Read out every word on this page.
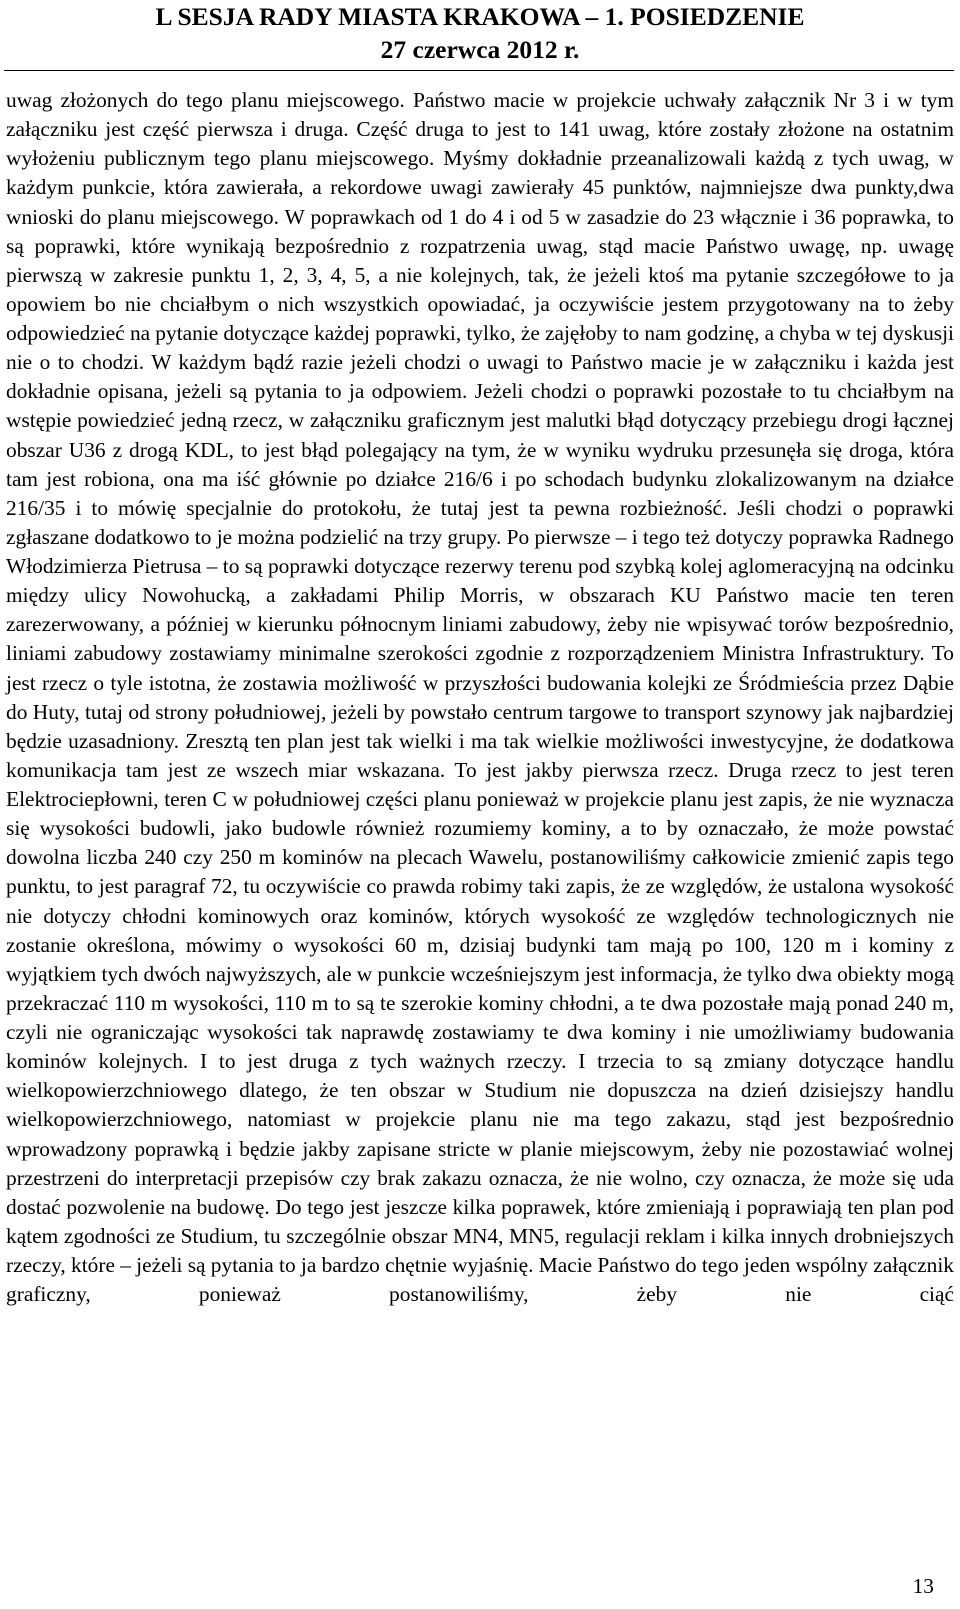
L SESJA RADY MIASTA KRAKOWA – 1. POSIEDZENIE
27 czerwca 2012 r.

uwag złożonych do tego planu miejscowego. Państwo macie w projekcie uchwały załącznik Nr 3 i w tym załączniku jest część pierwsza i druga. Część druga to jest to 141 uwag, które zostały złożone na ostatnim wyłożeniu publicznym tego planu miejscowego. Myśmy dokładnie przeanalizowali każdą z tych uwag, w każdym punkcie, która zawierała, a rekordowe uwagi zawierały 45 punktów, najmniejsze dwa punkty,dwa wnioski do planu miejscowego. W poprawkach od 1 do 4 i od 5 w zasadzie do 23 włącznie i 36 poprawka, to są poprawki, które wynikają bezpośrednio z rozpatrzenia uwag, stąd macie Państwo uwagę, np. uwagę pierwszą w zakresie punktu 1, 2, 3, 4, 5, a nie kolejnych, tak, że jeżeli ktoś ma pytanie szczegółowe to ja opowiem bo nie chciałbym o nich wszystkich opowiadać, ja oczywiście jestem przygotowany na to żeby odpowiedzieć na pytanie dotyczące każdej poprawki, tylko, że zajęłoby to nam godzinę, a chyba w tej dyskusji nie o to chodzi. W każdym bądź razie jeżeli chodzi o uwagi to Państwo macie je w załączniku i każda jest dokładnie opisana, jeżeli są pytania to ja odpowiem. Jeżeli chodzi o poprawki pozostałe to tu chciałbym na wstępie powiedzieć jedną rzecz, w załączniku graficznym jest malutki błąd dotyczący przebiegu drogi łącznej obszar U36 z drogą KDL, to jest błąd polegający na tym, że w wyniku wydruku przesunęła się droga, która tam jest robiona, ona ma iść głównie po działce 216/6 i po schodach budynku zlokalizowanym na działce 216/35 i to mówię specjalnie do protokołu, że tutaj jest ta pewna rozbieżność. Jeśli chodzi o poprawki zgłaszane dodatkowo to je można podzielić na trzy grupy. Po pierwsze – i tego też dotyczy poprawka Radnego Włodzimierza Pietrusa – to są poprawki dotyczące rezerwy terenu pod szybką kolej aglomeracyjną na odcinku między ulicy Nowohucką, a zakładami Philip Morris, w obszarach KU Państwo macie ten teren zarezerwowany, a później w kierunku północnym liniami zabudowy, żeby nie wpisywać torów bezpośrednio, liniami zabudowy zostawiamy minimalne szerokości zgodnie z rozporządzeniem Ministra Infrastruktury. To jest rzecz o tyle istotna, że zostawia możliwość w przyszłości budowania kolejki ze Śródmieścia przez Dąbie do Huty, tutaj od strony południowej, jeżeli by powstało centrum targowe to transport szynowy jak najbardziej będzie uzasadniony. Zresztą ten plan jest tak wielki i ma tak wielkie możliwości inwestycyjne, że dodatkowa komunikacja tam jest ze wszech miar wskazana. To jest jakby pierwsza rzecz. Druga rzecz to jest teren Elektrociepłowni, teren C w południowej części planu ponieważ w projekcie planu jest zapis, że nie wyznacza się wysokości budowli, jako budowle również rozumiemy kominy, a to by oznaczało, że może powstać dowolna liczba 240 czy 250 m kominów na plecach Wawelu, postanowiliśmy całkowicie zmienić zapis tego punktu, to jest paragraf 72, tu oczywiście co prawda robimy taki zapis, że ze względów, że ustalona wysokość nie dotyczy chłodni kominowych oraz kominów, których wysokość ze względów technologicznych nie zostanie określona, mówimy o wysokości 60 m, dzisiaj budynki tam mają po 100, 120 m i kominy z wyjątkiem tych dwóch najwyższych, ale w punkcie wcześniejszym jest informacja, że tylko dwa obiekty mogą przekraczać 110 m wysokości, 110 m to są te szerokie kominy chłodni, a te dwa pozostałe mają ponad 240 m, czyli nie ograniczając wysokości tak naprawdę zostawiamy te dwa kominy i nie umożliwiamy budowania kominów kolejnych. I to jest druga z tych ważnych rzeczy. I trzecia to są zmiany dotyczące handlu wielkopowierzchniowego dlatego, że ten obszar w Studium nie dopuszcza na dzień dzisiejszy handlu wielkopowierzchniowego, natomiast w projekcie planu nie ma tego zakazu, stąd jest bezpośrednio wprowadzony poprawką i będzie jakby zapisane stricte w planie miejscowym, żeby nie pozostawiać wolnej przestrzeni do interpretacji przepisów czy brak zakazu oznacza, że nie wolno, czy oznacza, że może się uda dostać pozwolenie na budowę. Do tego jest jeszcze kilka poprawek, które zmieniają i poprawiają ten plan pod kątem zgodności ze Studium, tu szczególnie obszar MN4, MN5, regulacji reklam i kilka innych drobniejszych rzeczy, które – jeżeli są pytania to ja bardzo chętnie wyjaśnię. Macie Państwo do tego jeden wspólny załącznik graficzny, ponieważ postanowiliśmy, żeby nie ciąć

13
